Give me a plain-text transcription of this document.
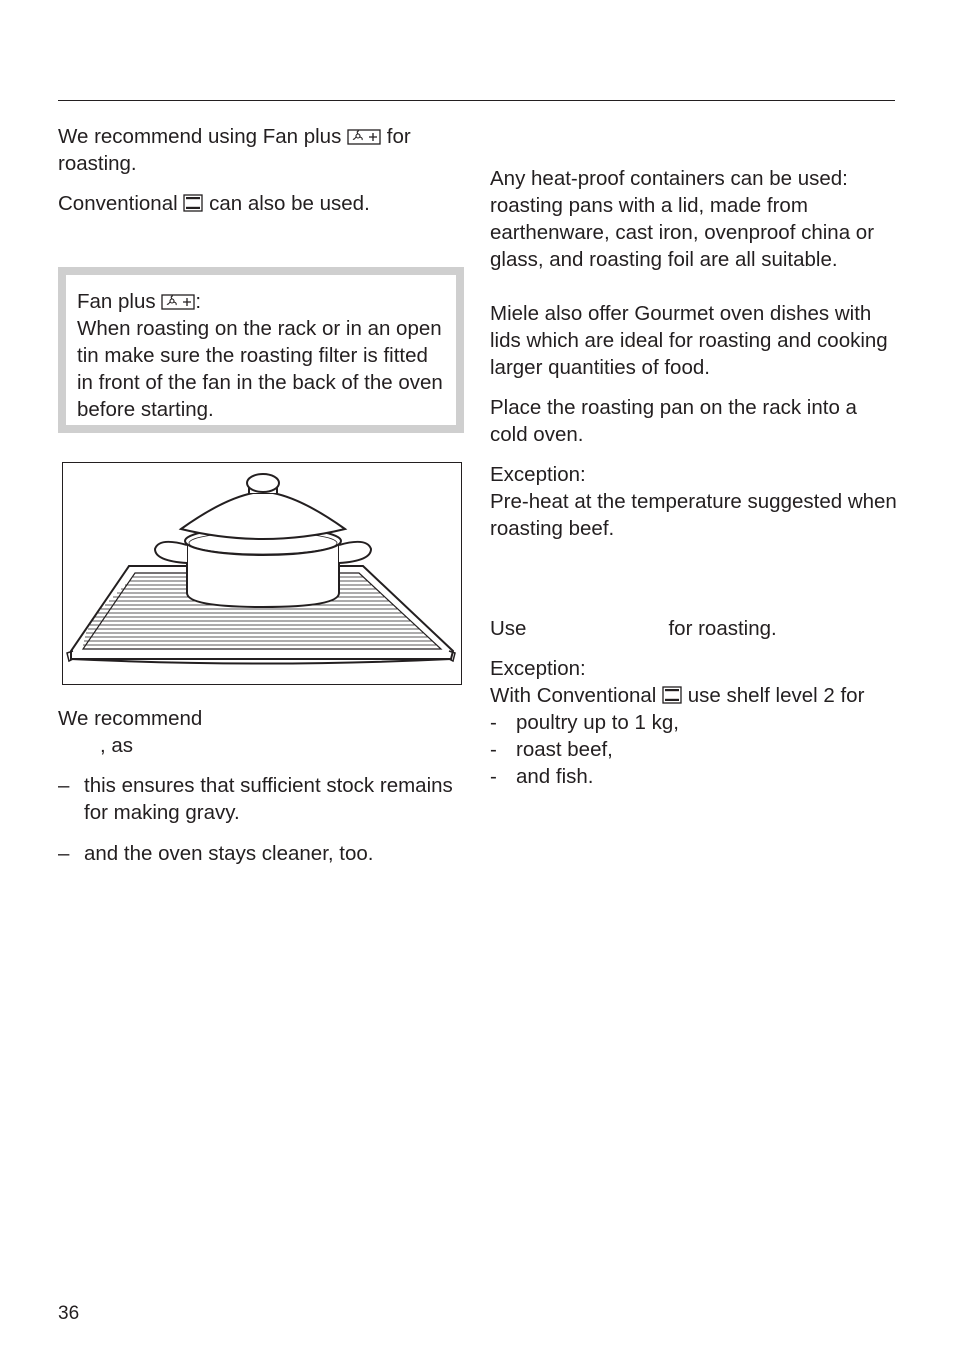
We recommend using Fan plus for roasting.

Conventional can also be used.

Fan plus :

When roasting on the rack or in an open tin make sure the roasting filter is fitted in front of the fan in the back of the oven before starting.

We recommend
, as
– this ensures that sufficient stock remains for making gravy.
– and the oven stays cleaner, too.

Any heat-proof containers can be used: roasting pans with a lid, made from earthenware, cast iron, ovenproof china or glass, and roasting foil are all suitable.

Miele also offer Gourmet oven dishes with lids which are ideal for roasting and cooking larger quantities of food.

Place the roasting pan on the rack into a cold oven.

Exception:

Pre-heat at the temperature suggested when roasting beef.

Use	for roasting.

Exception:

With Conventional use shelf level 2 for

- poultry up to 1 kg,
- roast beef,
- and fish.
36
